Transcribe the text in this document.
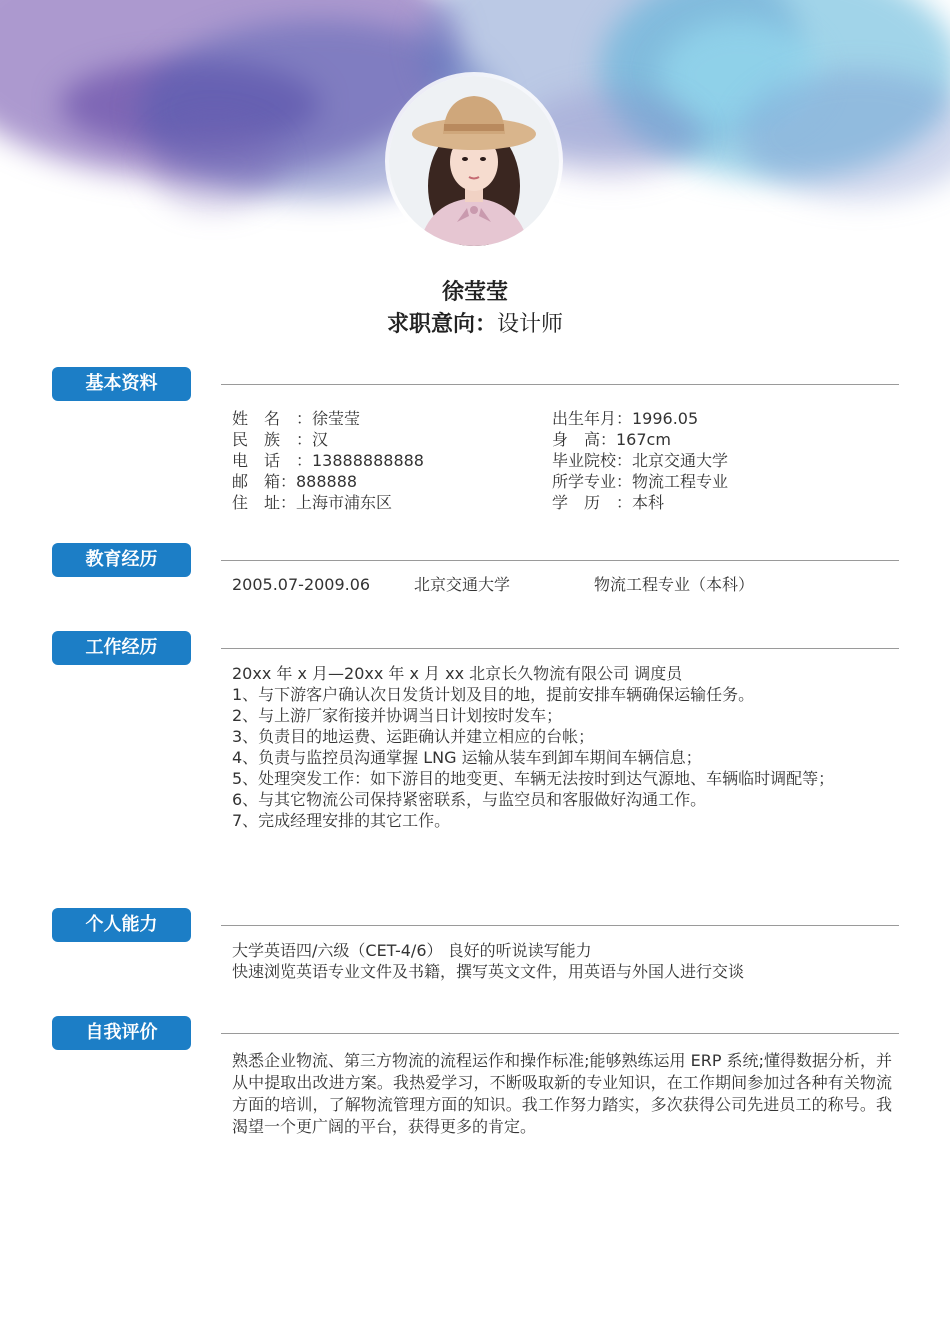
徐莹莹
求职意向：设计师
基本资料
姓　名　：徐莹莹
民　族　：汉
电　话　：13888888888
邮　箱：888888
住　址：上海市浦东区
出生年月：1996.05
身　高：167cm
毕业院校：北京交通大学
所学专业：物流工程专业
学　历　：本科
教育经历
2005.07-2009.06	北京交通大学	物流工程专业（本科）
工作经历
20xx 年 x 月—20xx 年 x 月 xx 北京长久物流有限公司 调度员
1、与下游客户确认次日发货计划及目的地，提前安排车辆确保运输任务。
2、与上游厂家衔接并协调当日计划按时发车；
3、负责目的地运费、运距确认并建立相应的台帐；
4、负责与监控员沟通掌握 LNG 运输从装车到卸车期间车辆信息；
5、处理突发工作：如下游目的地变更、车辆无法按时到达气源地、车辆临时调配等；
6、与其它物流公司保持紧密联系，与监空员和客服做好沟通工作。
7、完成经理安排的其它工作。
个人能力
大学英语四/六级（CET-4/6） 良好的听说读写能力
快速浏览英语专业文件及书籍，撰写英文文件，用英语与外国人进行交谈
自我评价
熟悉企业物流、第三方物流的流程运作和操作标准;能够熟练运用 ERP 系统;懂得数据分析，并从中提取出改进方案。我热爱学习，不断吸取新的专业知识，在工作期间参加过各种有关物流方面的培训，了解物流管理方面的知识。我工作努力踏实，多次获得公司先进员工的称号。我渴望一个更广阔的平台，获得更多的肯定。
